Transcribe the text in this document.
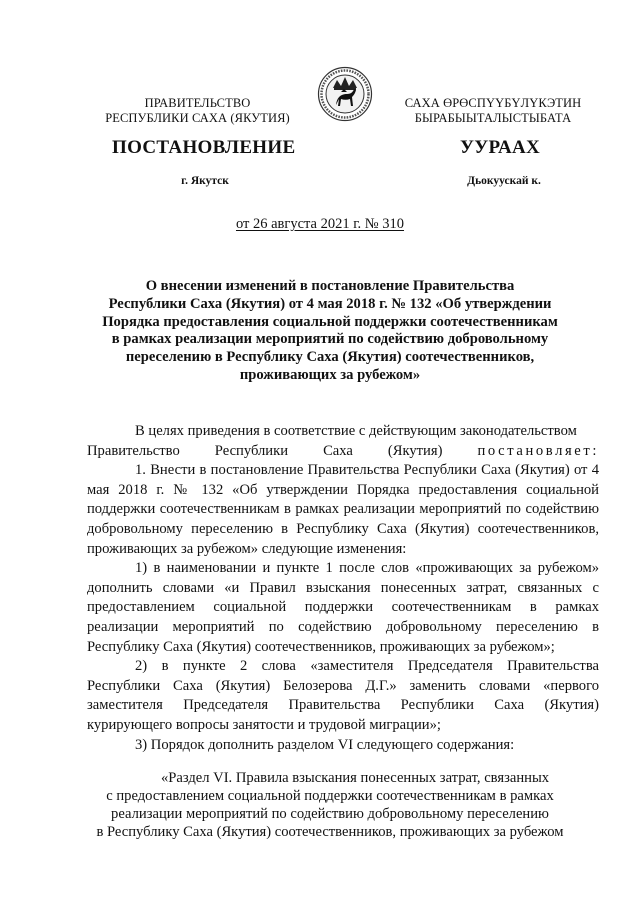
ПРАВИТЕЛЬСТВО
РЕСПУБЛИКИ САХА (ЯКУТИЯ)
САХА ӨРӨСПҮҮБҮЛҮКЭТИН
БЫРАБЫЫТАЛЫСТЫБАТА
ПОСТАНОВЛЕНИЕ	УУРААХ
г. Якутск	Дьокуускай к.
от 26 августа 2021 г. № 310
О внесении изменений в постановление Правительства
Республики Саха (Якутия) от 4 мая 2018 г. № 132 «Об утверждении
Порядка предоставления социальной поддержки соотечественникам
в рамках реализации мероприятий по содействию добровольному
переселению в Республику Саха (Якутия) соотечественников,
проживающих за рубежом»

В целях приведения в соответствие с действующим законодательством

Правительство Республики Саха (Якутия) постановляет:

1. Внести в постановление Правительства Республики Саха (Якутия) от 4 мая 2018 г. № 132 «Об утверждении Порядка предоставления социальной поддержки соотечественникам в рамках реализации мероприятий по содействию добровольному переселению в Республику Саха (Якутия) соотечественников, проживающих за рубежом» следующие изменения:

1) в наименовании и пункте 1 после слов «проживающих за рубежом» дополнить словами «и Правил взыскания понесенных затрат, связанных с предоставлением социальной поддержки соотечественникам в рамках реализации мероприятий по содействию добровольному переселению в Республику Саха (Якутия) соотечественников, проживающих за рубежом»;

2) в пункте 2 слова «заместителя Председателя Правительства Республики Саха (Якутия) Белозерова Д.Г.» заменить словами «первого заместителя Председателя Правительства Республики Саха (Якутия) курирующего вопросы занятости и трудовой миграции»;

3) Порядок дополнить разделом VI следующего содержания:

«Раздел VI. Правила взыскания понесенных затрат, связанных
с предоставлением социальной поддержки соотечественникам в рамках
реализации мероприятий по содействию добровольному переселению
в Республику Саха (Якутия) соотечественников, проживающих за рубежом
